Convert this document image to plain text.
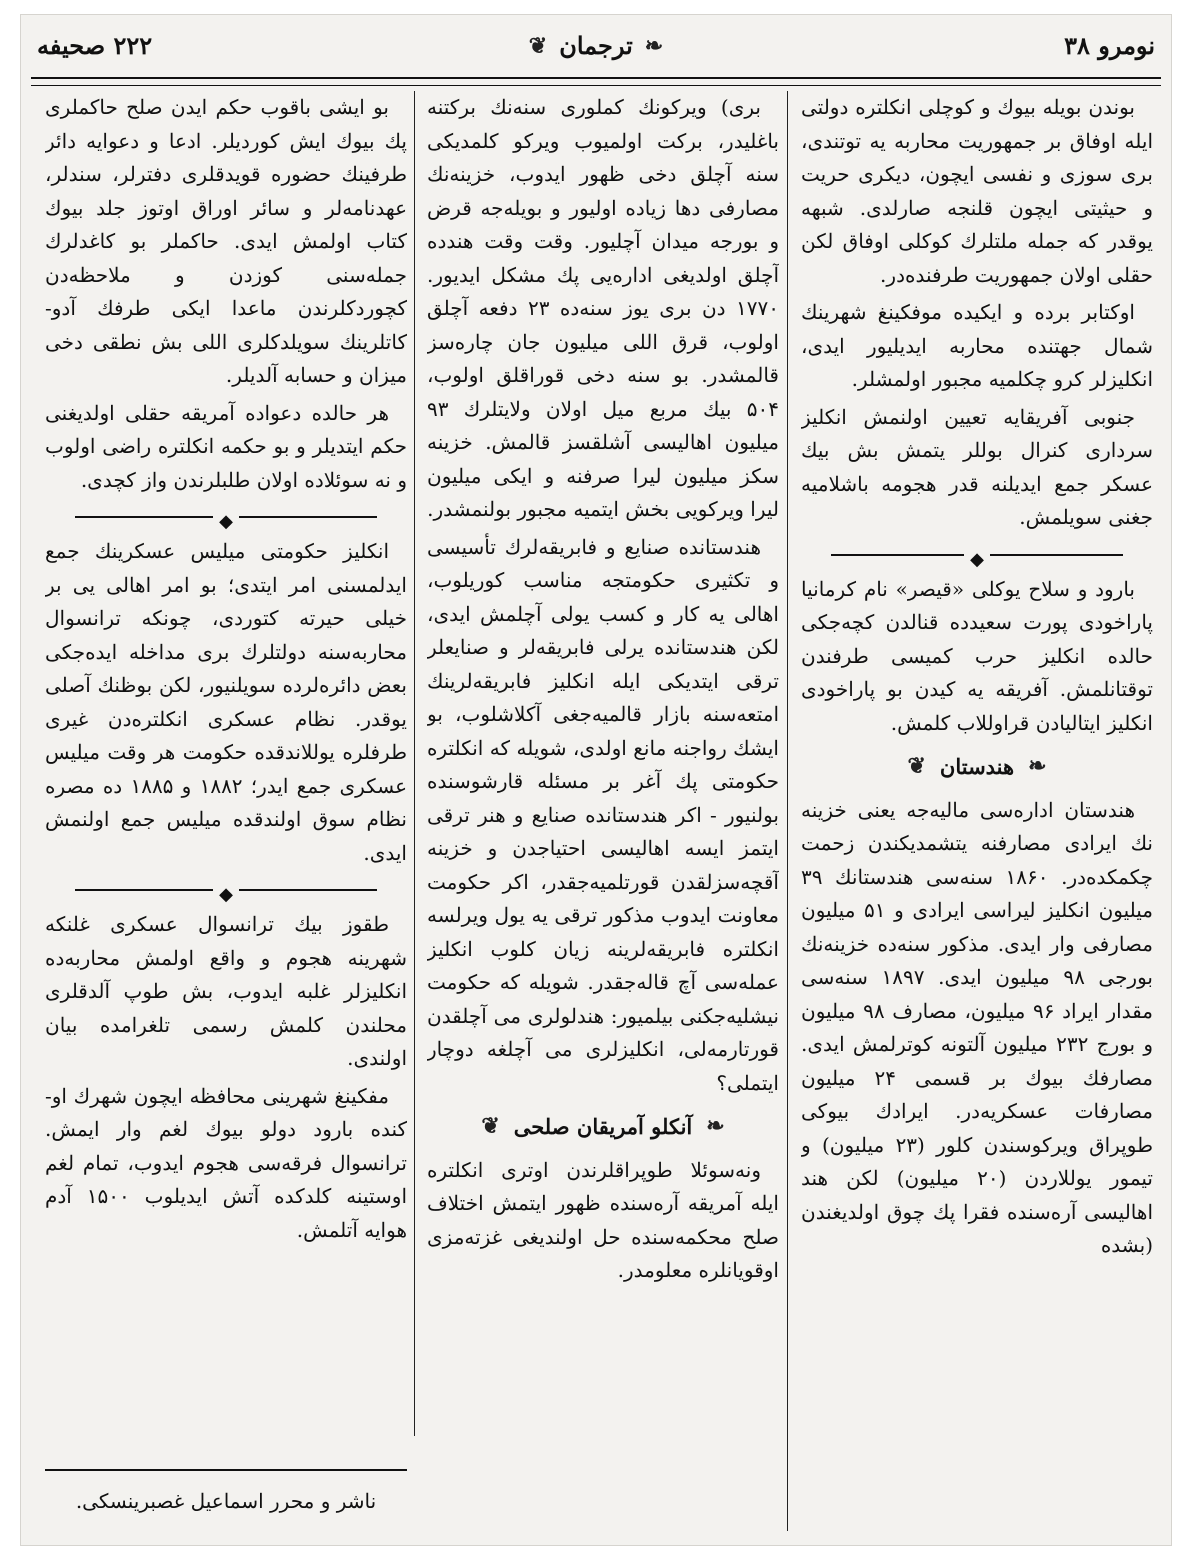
نومرو ۳۸
❧
ترجمان
❦
۲۲۲ صحيفه

بوندن بويله بيوك و كوچلى انكلتره دولتى ايله اوفاق بر جمهوريت محاربه يه توتندى، برى سوزى و نفسى ايچون، ديكرى حريت و حيثيتى ايچون قلنجه صارلدى. شبهه يوقدر كه جمله ملتلرك كوكلى اوفاق لكن حقلى اولان جمهوريت طرفندەدر.

اوكتابر برده و ايكيده موفكينغ شهرينك شمال جهتنده محاربه ايديليور ايدى، انكليزلر كرو چكلميه مجبور اولمشلر.

جنوبى آفريقايه تعيين اولنمش انكليز سردارى كنرال بوللر يتمش بش بيك عسكر جمع ايديلنه قدر هجومه باشلاميه جغنى سويلمش.

◆

بارود و سلاح يوكلى «قيصر» نام كرمانيا پاراخودى پورت سعيدده قنالدن كچەجكى حالده انكليز حرب كميسى طرفندن توقتانلمش. آفريقه يه كيدن بو پاراخودى انكليز ايتاليادن قراوللاب كلمش.

❧
هندستان
❦

هندستان ادارەسى ماليەجه يعنى خزينه نك ايرادى مصارفنه يتشمديكندن زحمت چكمكدەدر. ۱۸۶۰ سنەسى هندستانك ۳۹ ميليون انكليز ليراسى ايرادى و ۵۱ ميليون مصارفى وار ايدى. مذكور سنەده خزينەنك بورجى ۹۸ ميليون ايدى. ۱۸۹۷ سنەسى مقدار ايراد ۹۶ ميليون، مصارف ۹۸ ميليون و بورج ۲۳۲ ميليون آلتونه كوترلمش ايدى. مصارفك بيوك بر قسمى ۲۴ ميليون مصارفات عسكريەدر. ايرادك بيوكى طوپراق ويركوسندن كلور (۲۳ ميليون) و تيمور يوللاردن (۲۰ ميليون) لكن هند اهالیسى آرەسنده فقرا پك چوق اولديغندن (بشده

برى) ويركونك كملورى سنەنك بركتنه باغليدر، بركت اولميوب ويركو كلمديكى سنه آچلق دخى ظهور ايدوب، خزينەنك مصارفى دها زياده اوليور و بويلەجه قرض و بورجه ميدان آچليور. وقت وقت هندده آچلق اولديغى ادارەيى پك مشكل ايديور. ۱۷۷۰ دن برى يوز سنەده ۲۳ دفعه آچلق اولوب، قرق اللى ميليون جان چارەسز قالمشدر. بو سنه دخى قوراقلق اولوب، ۵۰۴ بيك مربع ميل اولان ولايتلرك ۹۳ ميليون اهاليسى آشلقسز قالمش. خزينه سكز ميليون ليرا صرفنه و ايكى ميليون ليرا ويركويى بخش ايتميه مجبور بولنمشدر.

هندستانده صنايع و فابريقەلرك تأسيسى و تكثيرى حكومتجه مناسب كوريلوب، اهالى يه كار و كسب يولى آچلمش ايدى، لكن هندستانده يرلى فابريقەلر و صنايعلر ترقى ايتديكى ايله انكليز فابريقەلرينك امتعەسنه بازار قالميەجغى آكلاشلوب، بو ايشك رواجنه مانع اولدى، شويله كه انكلتره حكومتى پك آغر بر مسئله قارشوسنده بولنيور - اكر هندستانده صنايع و هنر ترقى ايتمز ايسه اهاليسى احتياجدن و خزينه آقچەسزلقدن قورتلميەجقدر، اكر حكومت معاونت ايدوب مذكور ترقى يه يول ويرلسه انكلتره فابريقەلرينه زيان كلوب انكليز عملەسى آچ قالەجقدر. شويله كه حكومت نيشليەجكنى بيلميور: هندلولرى مى آچلقدن قورتارمەلى، انكليزلرى مى آچلغه دوچار ايتملى؟

❧
آنكلو آمريقان صلحى
❦

ونەسوئلا طوپراقلرندن اوترى انكلتره ايله آمريقه آرەسنده ظهور ايتمش اختلاف صلح محكمەسنده حل اولنديغى غزتەمزى اوقويانلره معلومدر.

بو ايشى باقوب حكم ايدن صلح حاكملرى پك بيوك ايش كورديلر. ادعا و دعوايه دائر طرفينك حضوره قويدقلرى دفترلر، سندلر، عهدنامەلر و سائر اوراق اوتوز جلد بيوك كتاب اولمش ايدى. حاكملر بو كاغدلرك جملەسنى كوزدن و ملاحظەدن كچوردكلرندن ماعدا ايكى طرفك آدو- كاتلرينك سويلدكلرى اللى بش نطقى دخى ميزان و حسابه آلديلر.

هر حالده دعواده آمريقه حقلى اولديغنى حكم ايتديلر و بو حكمه انكلتره راضى اولوب و نه سوئلاده اولان طلبلرندن واز كچدى.

◆

انكليز حكومتى ميليس عسكرينك جمع ايدلمسنى امر ايتدى؛ بو امر اهالى يى بر خيلى حيرته كتوردى، چونكه ترانسوال محاربەسنه دولتلرك برى مداخله ايدەجكى بعض دائرەلرده سويلنيور، لكن بوظنك آصلى يوقدر. نظام عسكرى انكلترەدن غيرى طرفلره يوللاندقده حكومت هر وقت ميليس عسكرى جمع ايدر؛ ۱۸۸۲ و ۱۸۸۵ ده مصره نظام سوق اولندقده ميليس جمع اولنمش ايدى.

◆

طقوز بيك ترانسوال عسكرى غلنكه شهرينه هجوم و واقع اولمش محاربەده انكليزلر غلبه ايدوب، بش طوپ آلدقلرى محلندن كلمش رسمى تلغرامده بيان اولندى.

مفكينغ شهرينى محافظه ايچون شهرك او- كنده بارود دولو بيوك لغم وار ايمش. ترانسوال فرقەسى هجوم ايدوب، تمام لغم اوستينه كلدكده آتش ايديلوب ۱۵۰۰ آدم هوايه آتلمش.

ناشر و محرر اسماعيل غصبرينسكى.
